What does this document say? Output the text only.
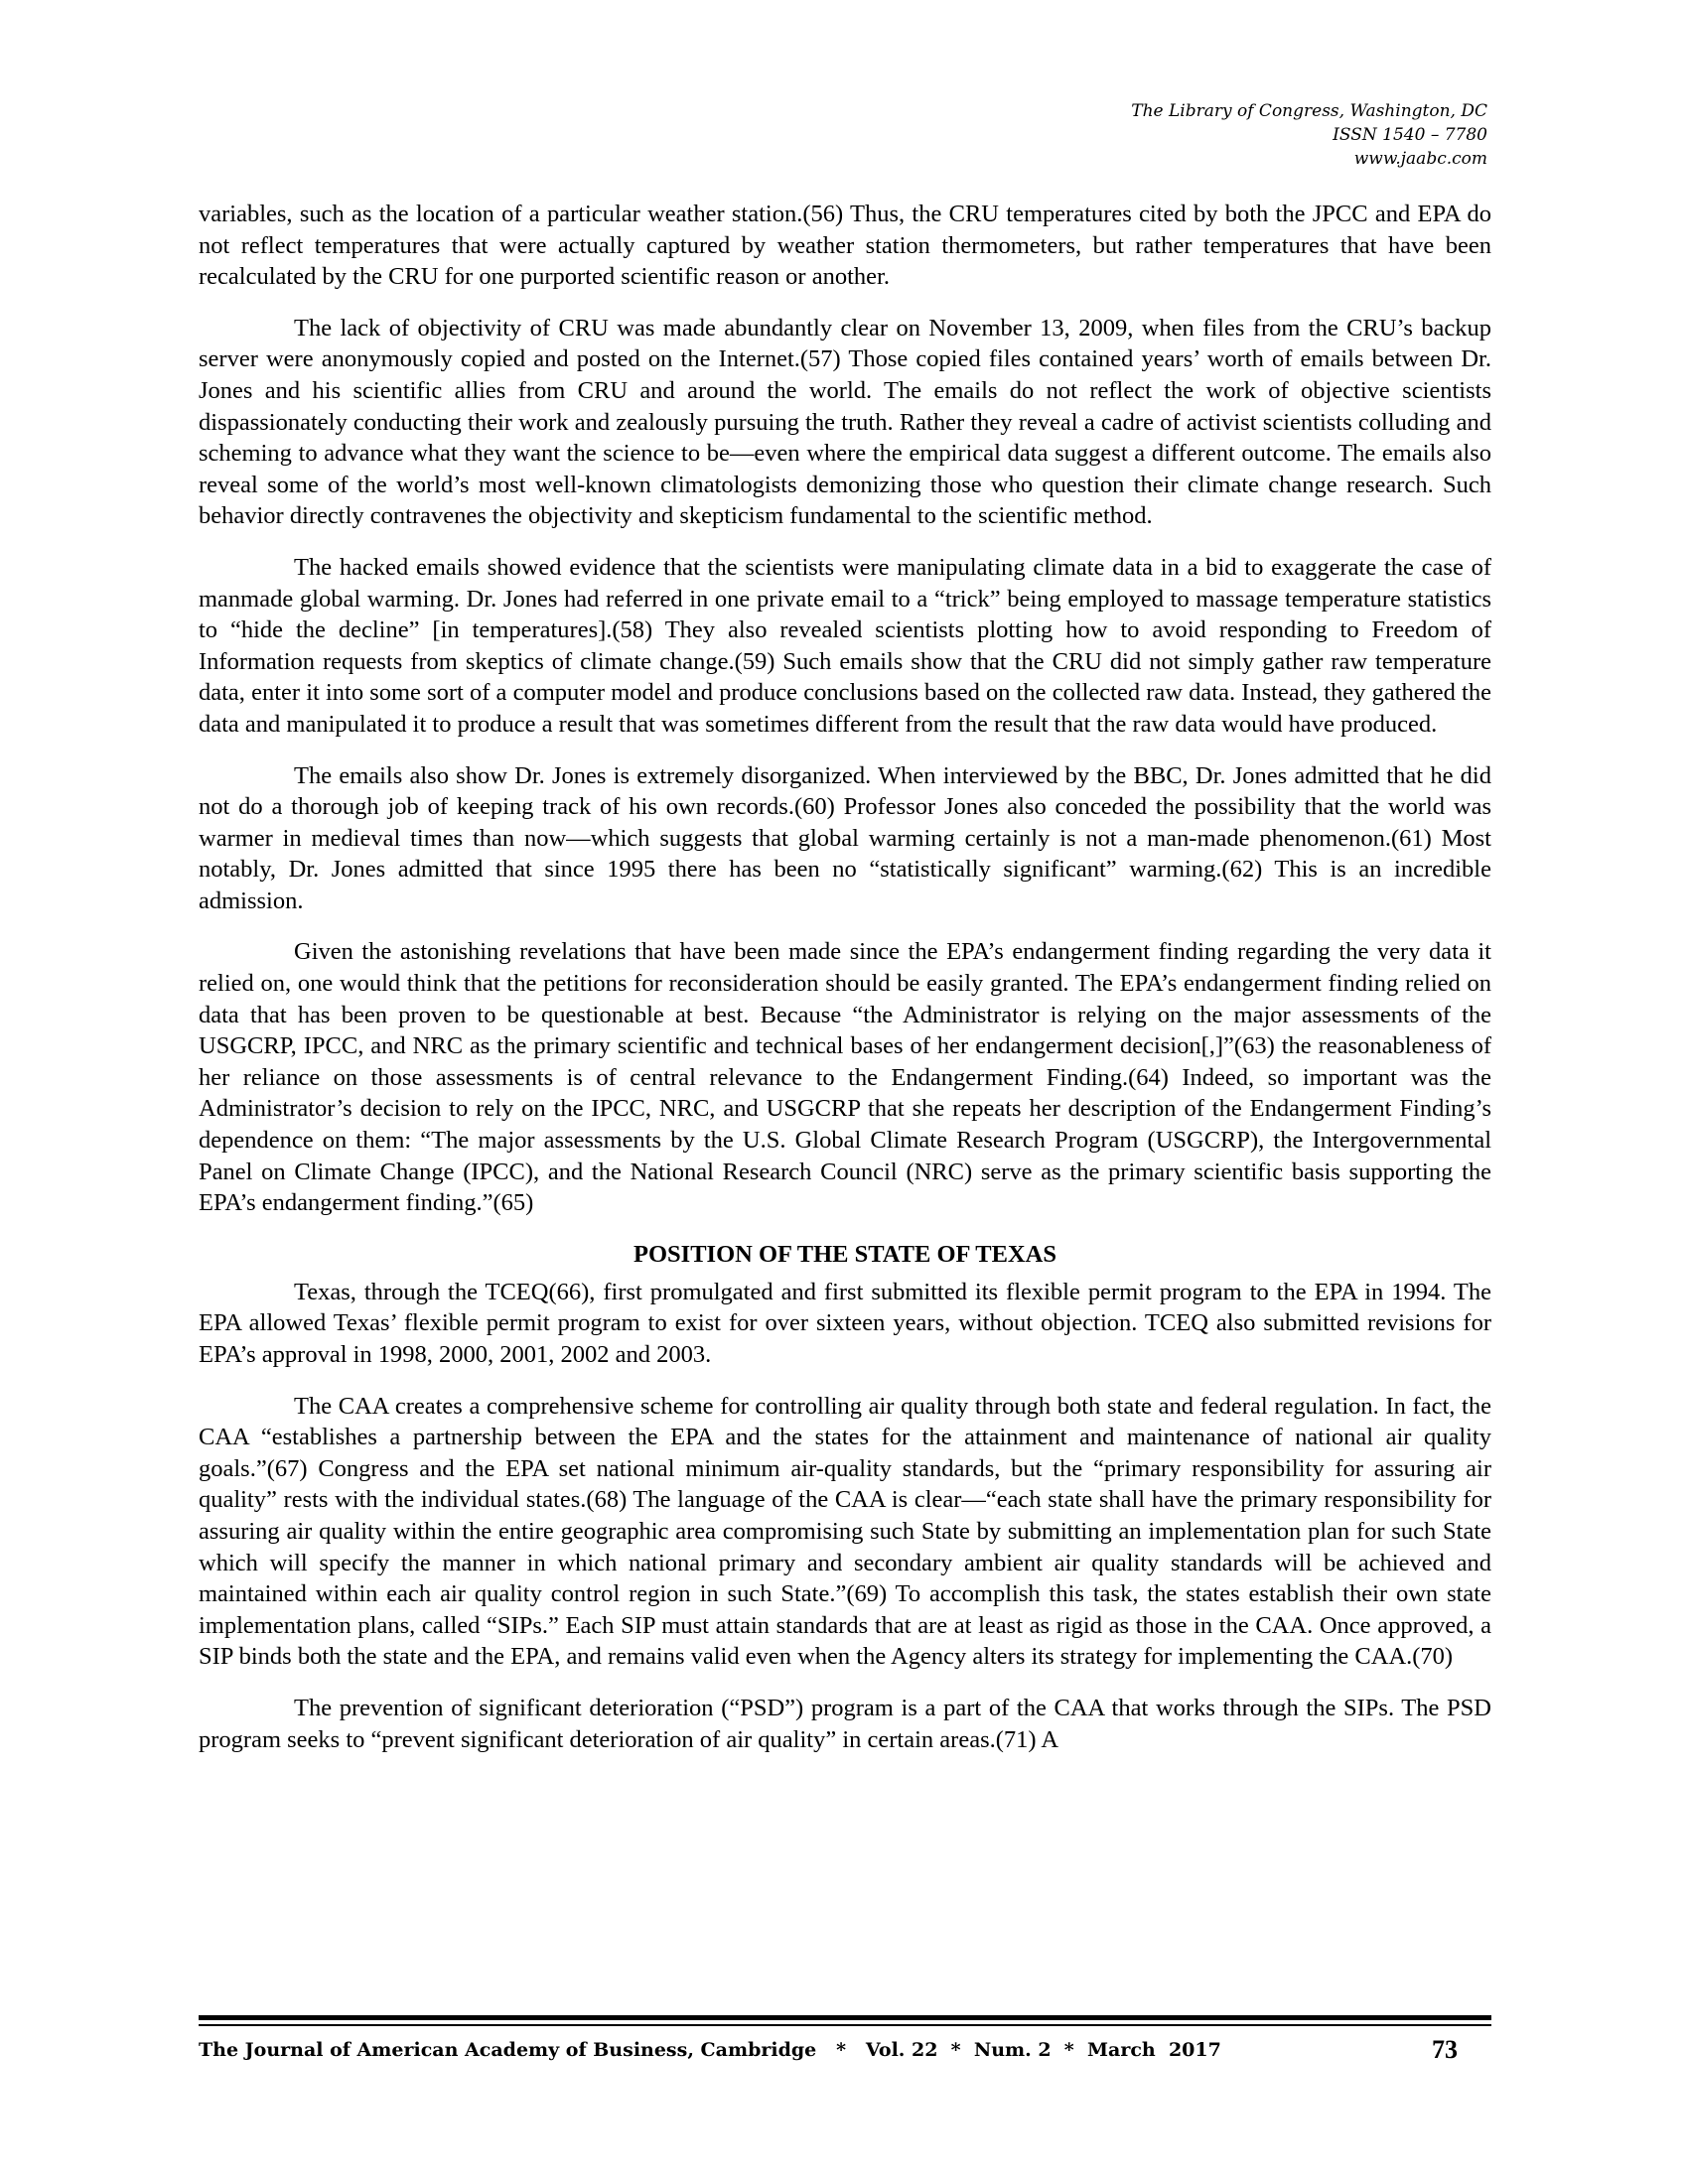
The Library of Congress, Washington, DC
ISSN 1540 – 7780
www.jaabc.com

variables, such as the location of a particular weather station.(56) Thus, the CRU temperatures cited by both the JPCC and EPA do not reflect temperatures that were actually captured by weather station thermometers, but rather temperatures that have been recalculated by the CRU for one purported scientific reason or another.

The lack of objectivity of CRU was made abundantly clear on November 13, 2009, when files from the CRU’s backup server were anonymously copied and posted on the Internet.(57) Those copied files contained years’ worth of emails between Dr. Jones and his scientific allies from CRU and around the world. The emails do not reflect the work of objective scientists dispassionately conducting their work and zealously pursuing the truth. Rather they reveal a cadre of activist scientists colluding and scheming to advance what they want the science to be—even where the empirical data suggest a different outcome. The emails also reveal some of the world’s most well-known climatologists demonizing those who question their climate change research. Such behavior directly contravenes the objectivity and skepticism fundamental to the scientific method.

The hacked emails showed evidence that the scientists were manipulating climate data in a bid to exaggerate the case of manmade global warming. Dr. Jones had referred in one private email to a “trick” being employed to massage temperature statistics to “hide the decline” [in temperatures].(58) They also revealed scientists plotting how to avoid responding to Freedom of Information requests from skeptics of climate change.(59) Such emails show that the CRU did not simply gather raw temperature data, enter it into some sort of a computer model and produce conclusions based on the collected raw data. Instead, they gathered the data and manipulated it to produce a result that was sometimes different from the result that the raw data would have produced.

The emails also show Dr. Jones is extremely disorganized. When interviewed by the BBC, Dr. Jones admitted that he did not do a thorough job of keeping track of his own records.(60) Professor Jones also conceded the possibility that the world was warmer in medieval times than now—which suggests that global warming certainly is not a man-made phenomenon.(61) Most notably, Dr. Jones admitted that since 1995 there has been no “statistically significant” warming.(62) This is an incredible admission.

Given the astonishing revelations that have been made since the EPA’s endangerment finding regarding the very data it relied on, one would think that the petitions for reconsideration should be easily granted. The EPA’s endangerment finding relied on data that has been proven to be questionable at best. Because “the Administrator is relying on the major assessments of the USGCRP, IPCC, and NRC as the primary scientific and technical bases of her endangerment decision[,]”(63) the reasonableness of her reliance on those assessments is of central relevance to the Endangerment Finding.(64) Indeed, so important was the Administrator’s decision to rely on the IPCC, NRC, and USGCRP that she repeats her description of the Endangerment Finding’s dependence on them: “The major assessments by the U.S. Global Climate Research Program (USGCRP), the Intergovernmental Panel on Climate Change (IPCC), and the National Research Council (NRC) serve as the primary scientific basis supporting the EPA’s endangerment finding.”(65)

POSITION OF THE STATE OF TEXAS

Texas, through the TCEQ(66), first promulgated and first submitted its flexible permit program to the EPA in 1994. The EPA allowed Texas’ flexible permit program to exist for over sixteen years, without objection. TCEQ also submitted revisions for EPA’s approval in 1998, 2000, 2001, 2002 and 2003.

The CAA creates a comprehensive scheme for controlling air quality through both state and federal regulation. In fact, the CAA “establishes a partnership between the EPA and the states for the attainment and maintenance of national air quality goals.”(67) Congress and the EPA set national minimum air-quality standards, but the “primary responsibility for assuring air quality” rests with the individual states.(68) The language of the CAA is clear—“each state shall have the primary responsibility for assuring air quality within the entire geographic area compromising such State by submitting an implementation plan for such State which will specify the manner in which national primary and secondary ambient air quality standards will be achieved and maintained within each air quality control region in such State.”(69) To accomplish this task, the states establish their own state implementation plans, called “SIPs.” Each SIP must attain standards that are at least as rigid as those in the CAA. Once approved, a SIP binds both the state and the EPA, and remains valid even when the Agency alters its strategy for implementing the CAA.(70)

The prevention of significant deterioration (“PSD”) program is a part of the CAA that works through the SIPs. The PSD program seeks to “prevent significant deterioration of air quality” in certain areas.(71) A

The Journal of American Academy of Business, Cambridge   *   Vol. 22  *  Num. 2  *  March  2017	73
